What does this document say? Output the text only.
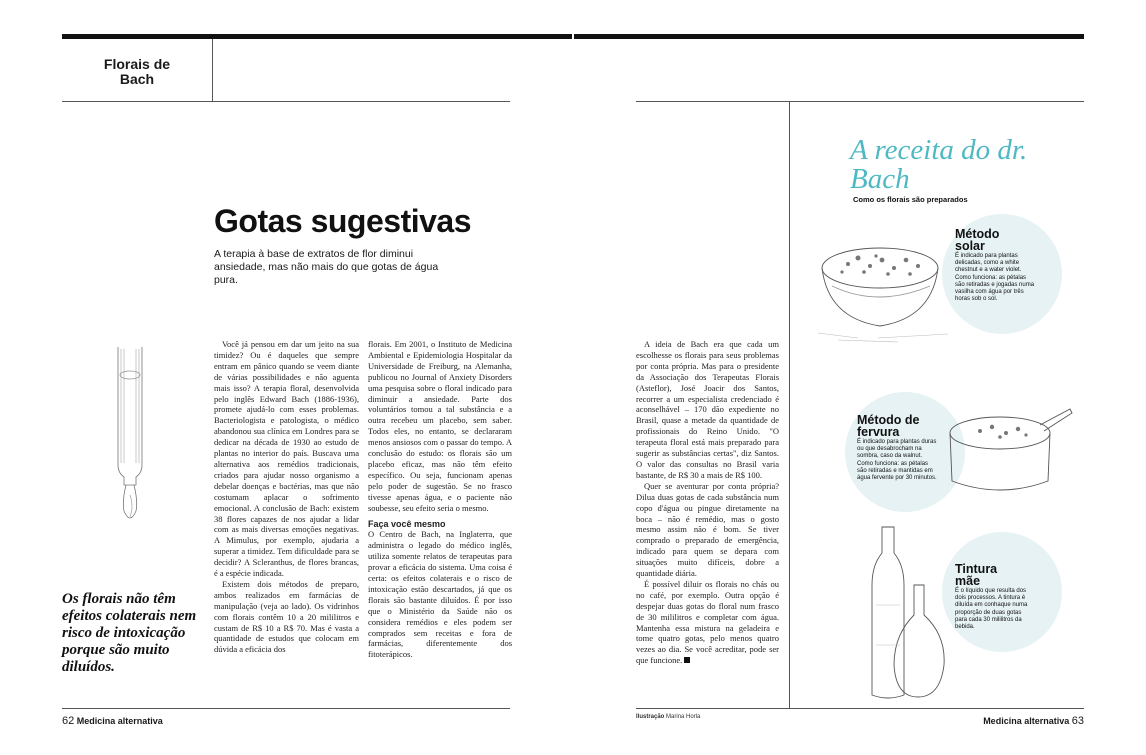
Florais de Bach
Gotas sugestivas
A terapia à base de extratos de flor diminui ansiedade, mas não mais do que gotas de água pura.
Os florais não têm efeitos colaterais nem risco de intoxicação porque são muito diluídos.

Você já pensou em dar um jeito na sua timidez? Ou é daqueles que sempre entram em pânico quando se veem diante de várias possibilidades e não aguenta mais isso? A terapia floral, desenvolvida pelo inglês Edward Bach (1886-1936), promete ajudá-lo com esses problemas. Bacteriologista e patologista, o médico abandonou sua clínica em Londres para se dedicar na década de 1930 ao estudo de plantas no interior do país. Buscava uma alternativa aos remédios tradicionais, criados para ajudar nosso organismo a debelar doenças e bactérias, mas que não costumam aplacar o sofrimento emocional. A conclusão de Bach: existem 38 flores capazes de nos ajudar a lidar com as mais diversas emoções negativas. A Mimulus, por exemplo, ajudaria a superar a timidez. Tem dificuldade para se decidir? A Scleranthus, de flores brancas, é a espécie indicada.

Existem dois métodos de preparo, ambos realizados em farmácias de manipulação (veja ao lado). Os vidrinhos com florais contêm 10 a 20 mililitros e custam de R$ 10 a R$ 70. Mas é vasta a quantidade de estudos que colocam em dúvida a eficácia dos

florais. Em 2001, o Instituto de Medicina Ambiental e Epidemiologia Hospitalar da Universidade de Freiburg, na Alemanha, publicou no Journal of Anxiety Disorders uma pesquisa sobre o floral indicado para diminuir a ansiedade. Parte dos voluntários tomou a tal substância e a outra recebeu um placebo, sem saber. Todos eles, no entanto, se declararam menos ansiosos com o passar do tempo. A conclusão do estudo: os florais são um placebo eficaz, mas não têm efeito específico. Ou seja, funcionam apenas pelo poder de sugestão. Se no frasco tivesse apenas água, e o paciente não soubesse, seu efeito seria o mesmo.

Faça você mesmo

O Centro de Bach, na Inglaterra, que administra o legado do médico inglês, utiliza somente relatos de terapeutas para provar a eficácia do sistema. Uma coisa é certa: os efeitos colaterais e o risco de intoxicação estão descartados, já que os florais são bastante diluídos. É por isso que o Ministério da Saúde não os considera remédios e eles podem ser comprados sem receitas e fora de farmácias, diferentemente dos fitoterápicos.

62 Medicina alternativa

A ideia de Bach era que cada um escolhesse os florais para seus problemas por conta própria. Mas para o presidente da Associação dos Terapeutas Florais (Asteflor), José Joacir dos Santos, recorrer a um especialista credenciado é aconselhável – 170 dão expediente no Brasil, quase a metade da quantidade de profissionais do Reino Unido. "O terapeuta floral está mais preparado para sugerir as substâncias certas", diz Santos. O valor das consultas no Brasil varia bastante, de R$ 30 a mais de R$ 100.

Quer se aventurar por conta própria? Dilua duas gotas de cada substância num copo d'água ou pingue diretamente na boca – não é remédio, mas o gosto mesmo assim não é bom. Se tiver comprado o preparado de emergência, indicado para quem se depara com situações muito difíceis, dobre a quantidade diária.

É possível diluir os florais no chás ou no café, por exemplo. Outra opção é despejar duas gotas do floral num frasco de 30 mililitros e completar com água. Mantenha essa mistura na geladeira e tome quatro gotas, pelo menos quatro vezes ao dia. Se você acreditar, pode ser que funcione.

A receita do dr. Bach
Como os florais são preparados
Método solar
É indicado para plantas delicadas, como a white chestnut e a water violet. Como funciona: as pétalas são retiradas e jogadas numa vasilha com água por três horas sob o sol.
Método de fervura
É indicado para plantas duras ou que desabrocham na sombra, caso da walnut. Como funciona: as pétalas são retiradas e mantidas em água fervente por 30 minutos.
Tintura mãe
É o líquido que resulta dos dois processos. A tintura é diluída em conhaque numa proporção de duas gotas para cada 30 mililitros da bebida.
Ilustração Marina Horla	Medicina alternativa 63
